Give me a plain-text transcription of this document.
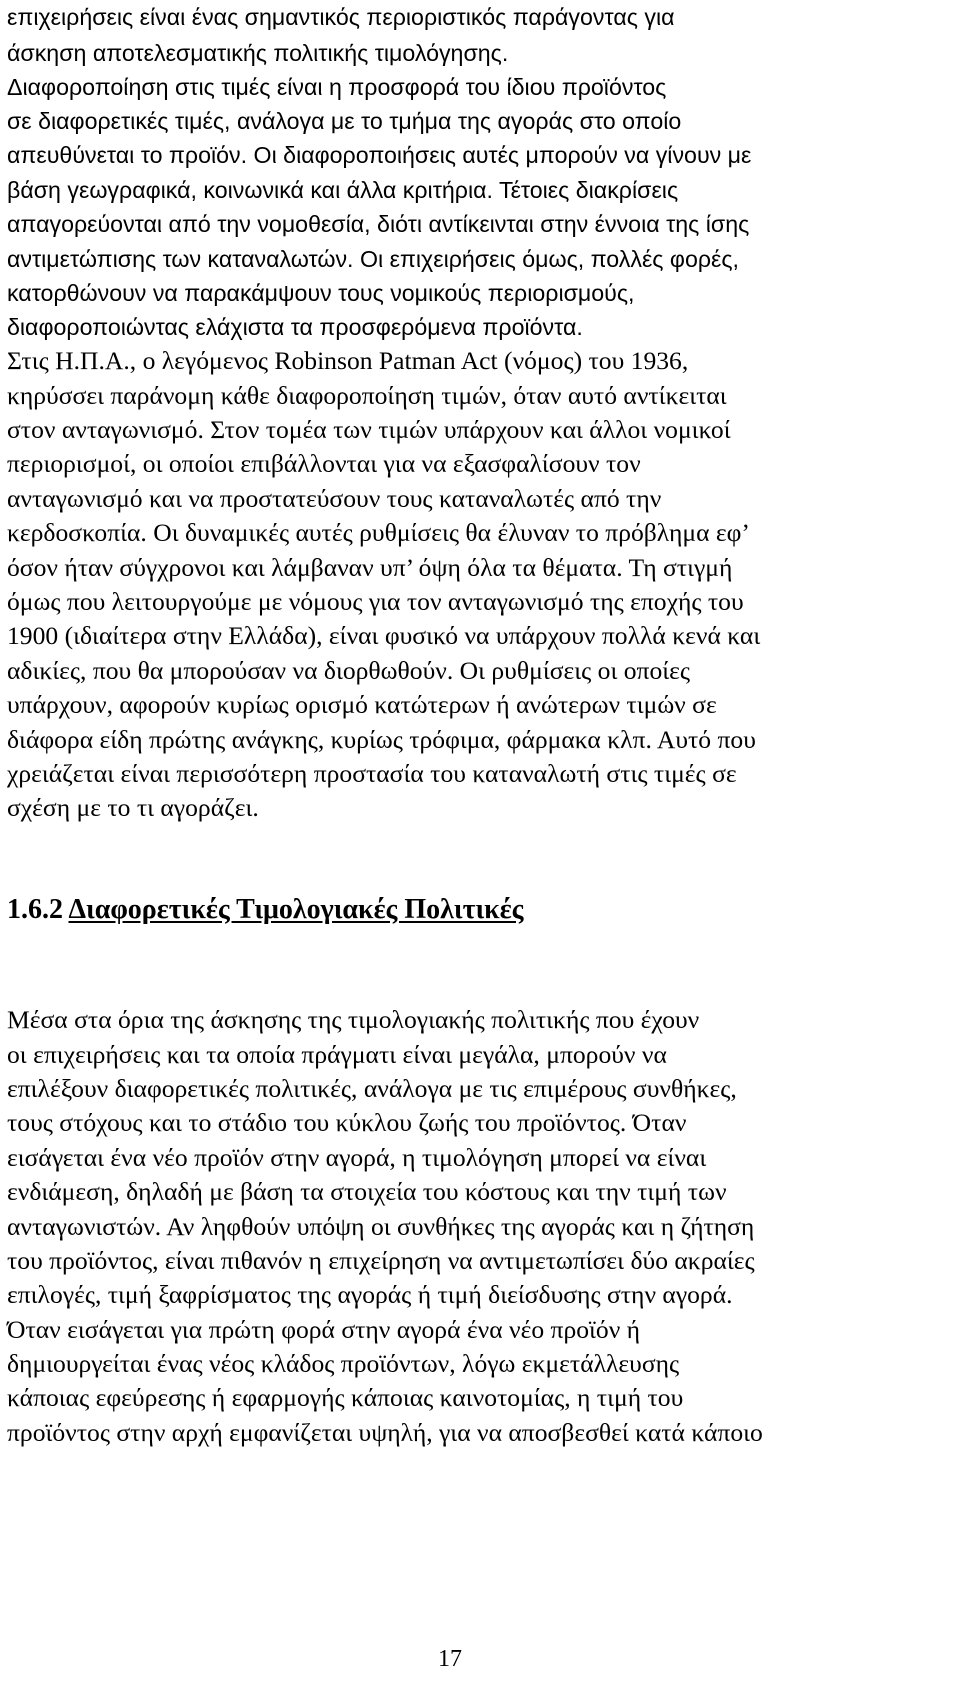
επιχειρήσεις είναι ένας σημαντικός περιοριστικός παράγοντας για
άσκηση αποτελεσματικής πολιτικής τιμολόγησης.
Διαφοροποίηση στις τιμές είναι η προσφορά του ίδιου προϊόντος
σε διαφορετικές τιμές, ανάλογα με το τμήμα της αγοράς στο οποίο
απευθύνεται το προϊόν. Οι διαφοροποιήσεις αυτές μπορούν να γίνουν με
βάση γεωγραφικά, κοινωνικά και άλλα κριτήρια. Τέτοιες διακρίσεις
απαγορεύονται από την νομοθεσία, διότι αντίκεινται στην έννοια της ίσης
αντιμετώπισης των καταναλωτών. Οι επιχειρήσεις όμως, πολλές φορές,
κατορθώνουν να παρακάμψουν τους νομικούς περιορισμούς,
διαφοροποιώντας ελάχιστα τα προσφερόμενα προϊόντα.
Στις Η.Π.Α., ο λεγόμενος Robinson Patman Act (νόμος) του 1936,
κηρύσσει παράνομη κάθε διαφοροποίηση τιμών, όταν αυτό αντίκειται
στον ανταγωνισμό. Στον τομέα των τιμών υπάρχουν και άλλοι νομικοί
περιορισμοί, οι οποίοι επιβάλλονται για να εξασφαλίσουν τον
ανταγωνισμό και να προστατεύσουν τους καταναλωτές από την
κερδοσκοπία. Οι δυναμικές αυτές ρυθμίσεις θα έλυναν το πρόβλημα εφ’
όσον ήταν σύγχρονοι και λάμβαναν υπ’ όψη όλα τα θέματα. Τη στιγμή
όμως που λειτουργούμε με νόμους για τον ανταγωνισμό της εποχής του
1900 (ιδιαίτερα στην Ελλάδα), είναι φυσικό να υπάρχουν πολλά κενά και
αδικίες, που θα μπορούσαν να διορθωθούν. Οι ρυθμίσεις οι οποίες
υπάρχουν, αφορούν κυρίως ορισμό κατώτερων ή ανώτερων τιμών σε
διάφορα είδη πρώτης ανάγκης, κυρίως τρόφιμα, φάρμακα κλπ. Αυτό που
χρειάζεται είναι περισσότερη προστασία του καταναλωτή στις τιμές σε
σχέση με το τι αγοράζει.
1.6.2 Διαφορετικές Τιμολογιακές Πολιτικές
Μέσα στα όρια της άσκησης της τιμολογιακής πολιτικής που έχουν
οι επιχειρήσεις και τα οποία πράγματι είναι μεγάλα, μπορούν να
επιλέξουν διαφορετικές πολιτικές, ανάλογα με τις επιμέρους συνθήκες,
τους στόχους και το στάδιο του κύκλου ζωής του προϊόντος. Όταν
εισάγεται ένα νέο προϊόν στην αγορά, η τιμολόγηση μπορεί να είναι
ενδιάμεση, δηλαδή με βάση τα στοιχεία του κόστους και την τιμή των
ανταγωνιστών. Αν ληφθούν υπόψη οι συνθήκες της αγοράς και η ζήτηση
του προϊόντος, είναι πιθανόν η επιχείρηση να αντιμετωπίσει δύο ακραίες
επιλογές, τιμή ξαφρίσματος της αγοράς ή τιμή διείσδυσης στην αγορά.
Όταν εισάγεται για πρώτη φορά στην αγορά ένα νέο προϊόν ή
δημιουργείται ένας νέος κλάδος προϊόντων, λόγω εκμετάλλευσης
κάποιας εφεύρεσης ή εφαρμογής κάποιας καινοτομίας, η τιμή του
προϊόντος στην αρχή εμφανίζεται υψηλή, για να αποσβεσθεί κατά κάποιο
17
